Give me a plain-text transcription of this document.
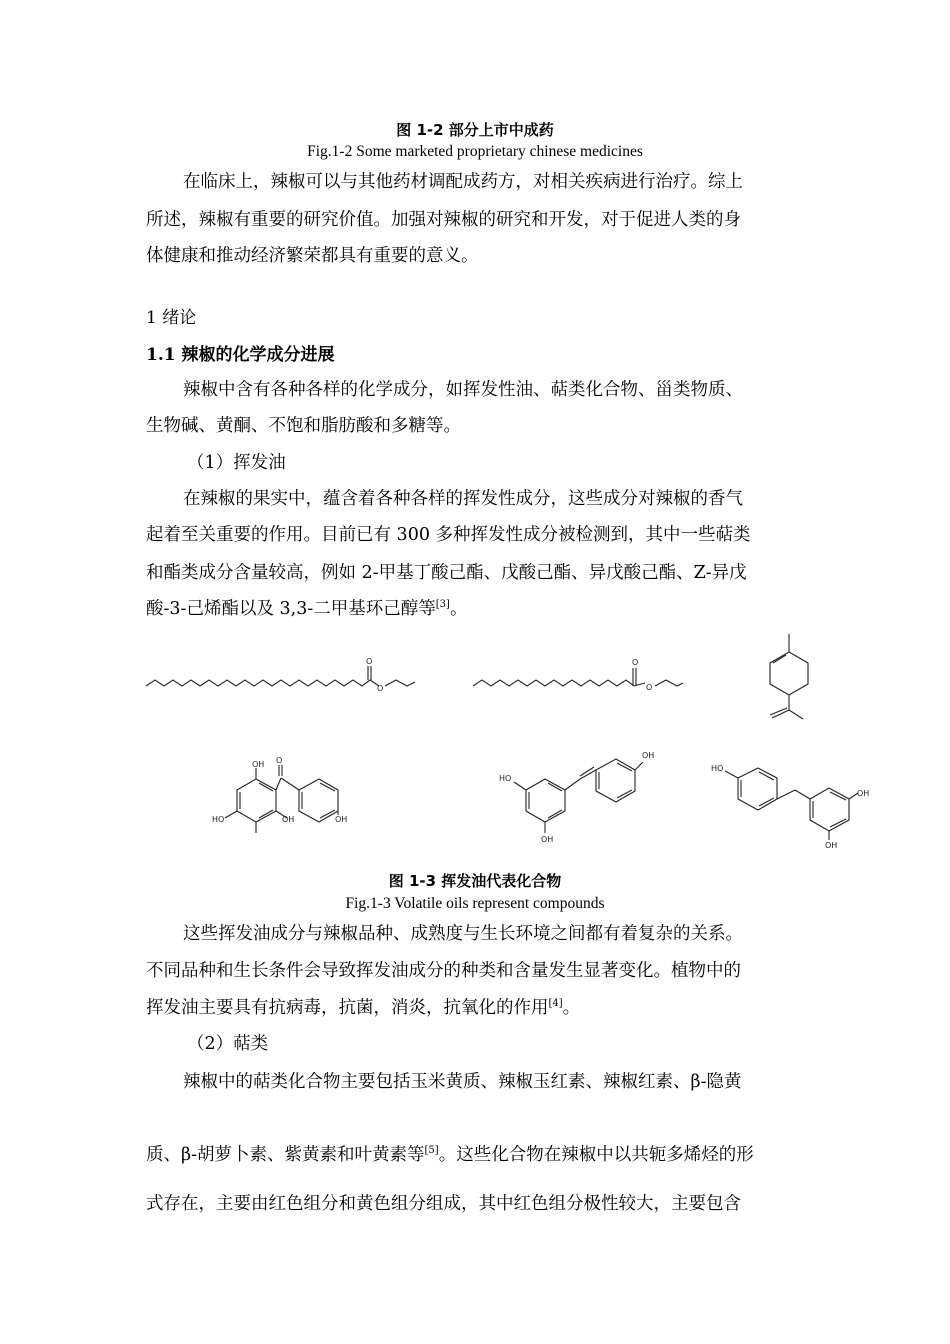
图 1-2 部分上市中成药
Fig.1-2 Some marketed proprietary chinese medicines
在临床上，辣椒可以与其他药材调配成药方，对相关疾病进行治疗。综上
所述，辣椒有重要的研究价值。加强对辣椒的研究和开发，对于促进人类的身
体健康和推动经济繁荣都具有重要的意义。
1 绪论
1.1 辣椒的化学成分进展
辣椒中含有各种各样的化学成分，如挥发性油、萜类化合物、甾类物质、
生物碱、黄酮、不饱和脂肪酸和多糖等。
（1）挥发油
在辣椒的果实中，蕴含着各种各样的挥发性成分，这些成分对辣椒的香气
起着至关重要的作用。目前已有 300 多种挥发性成分被检测到，其中一些萜类
和酯类成分含量较高，例如 2-甲基丁酸己酯、戊酸己酯、异戊酸己酯、Z-异戊
酸-3-己烯酯以及 3,3-二甲基环己醇等[3]。
O
O
O
O
OH
HO	OH
O
OH
HO
OH
OH
HO
OH
OH
图 1-3 挥发油代表化合物
Fig.1-3 Volatile oils represent compounds
这些挥发油成分与辣椒品种、成熟度与生长环境之间都有着复杂的关系。
不同品种和生长条件会导致挥发油成分的种类和含量发生显著变化。植物中的
挥发油主要具有抗病毒，抗菌，消炎，抗氧化的作用[4]。
（2）萜类
辣椒中的萜类化合物主要包括玉米黄质、辣椒玉红素、辣椒红素、β-隐黄
质、β-胡萝卜素、紫黄素和叶黄素等[5]。这些化合物在辣椒中以共轭多烯烃的形
式存在，主要由红色组分和黄色组分组成，其中红色组分极性较大，主要包含
